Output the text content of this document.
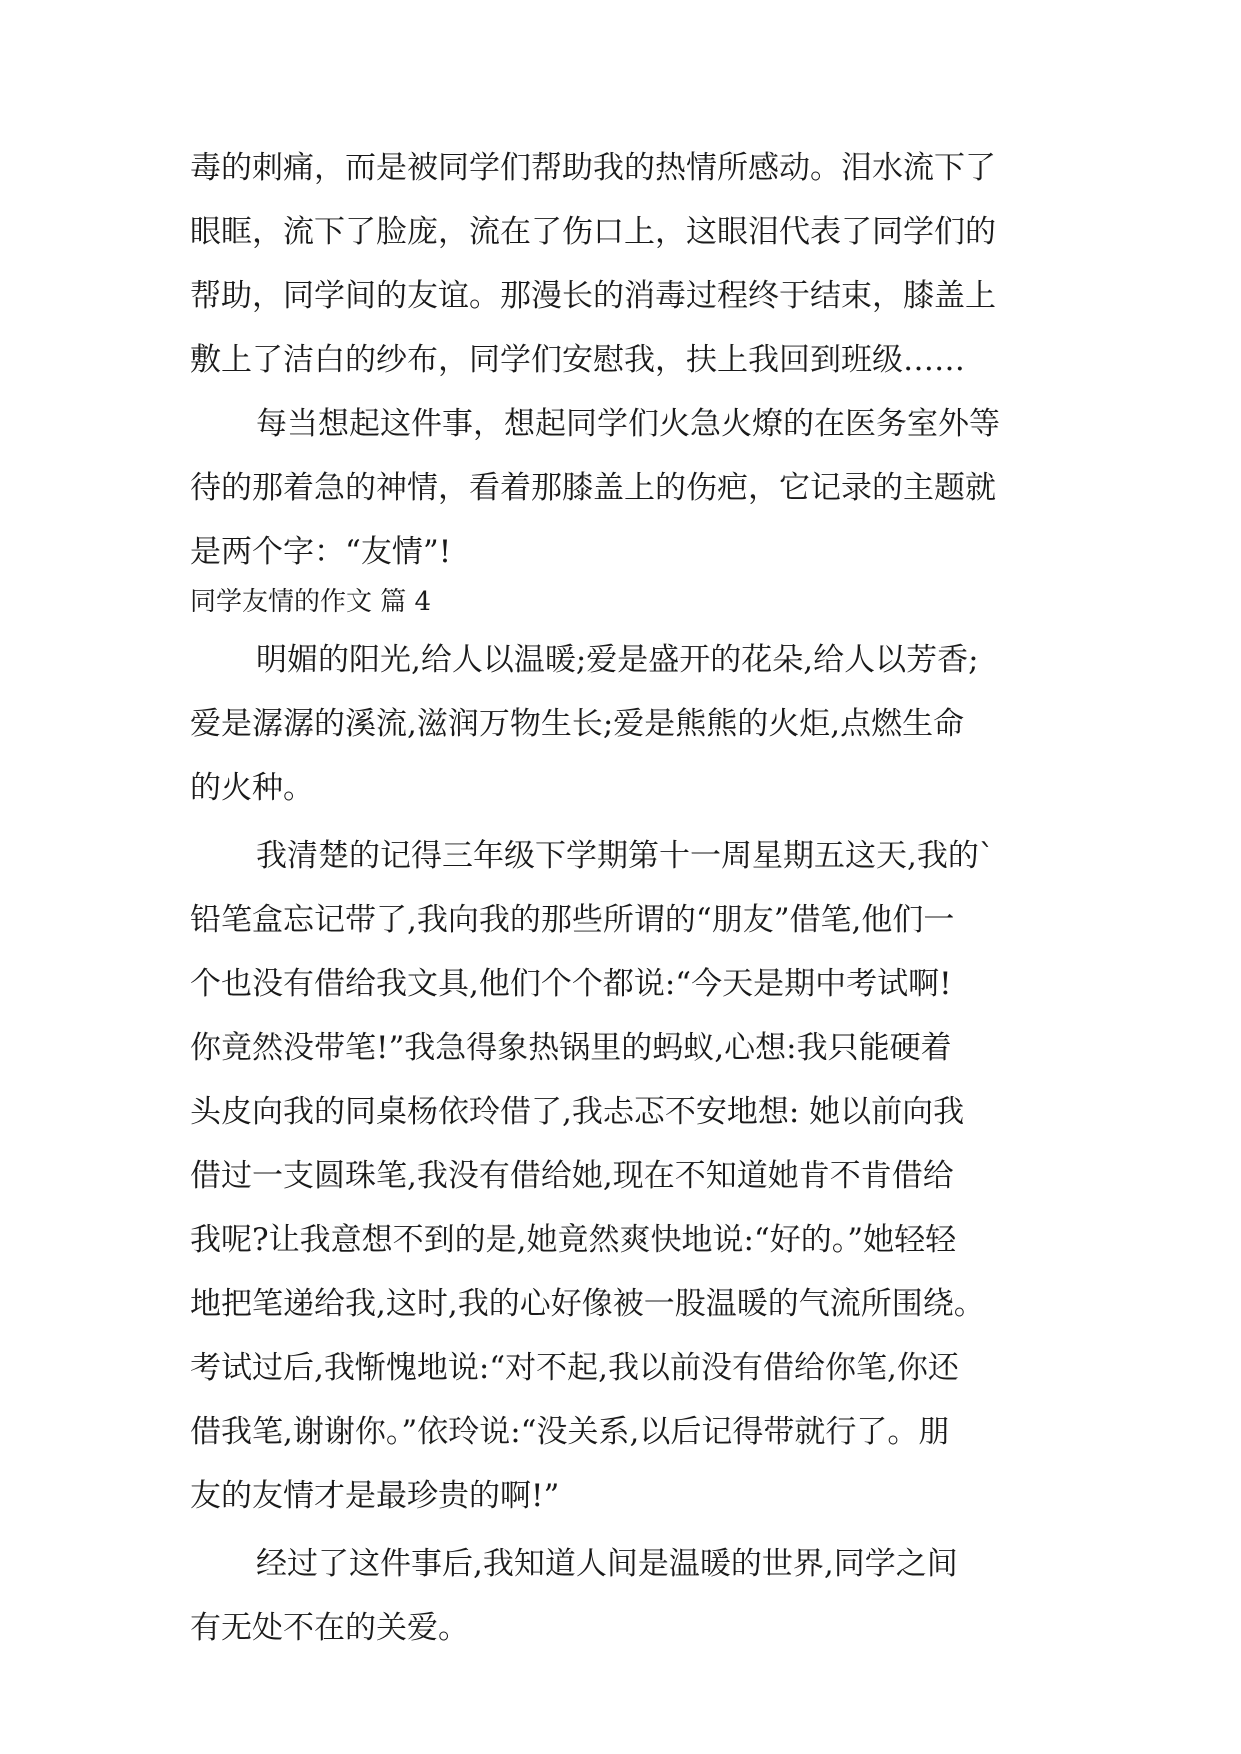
毒的刺痛，而是被同学们帮助我的热情所感动。泪水流下了
眼眶，流下了脸庞，流在了伤口上，这眼泪代表了同学们的
帮助，同学间的友谊。那漫长的消毒过程终于结束，膝盖上
敷上了洁白的纱布，同学们安慰我，扶上我回到班级……
每当想起这件事，想起同学们火急火燎的在医务室外等
待的那着急的神情，看着那膝盖上的伤疤，它记录的主题就
是两个字：“友情”!
同学友情的作文 篇 4
明媚的阳光,给人以温暖;爱是盛开的花朵,给人以芳香;
爱是潺潺的溪流,滋润万物生长;爱是熊熊的火炬,点燃生命
的火种。
我清楚的记得三年级下学期第十一周星期五这天,我的`
铅笔盒忘记带了,我向我的那些所谓的“朋友”借笔,他们一
个也没有借给我文具,他们个个都说:“今天是期中考试啊!
你竟然没带笔!”我急得象热锅里的蚂蚁,心想:我只能硬着
头皮向我的同桌杨依玲借了,我忐忑不安地想: 她以前向我
借过一支圆珠笔,我没有借给她,现在不知道她肯不肯借给
我呢?让我意想不到的是,她竟然爽快地说:“好的。”她轻轻
地把笔递给我,这时,我的心好像被一股温暖的气流所围绕。
考试过后,我惭愧地说:“对不起,我以前没有借给你笔,你还
借我笔,谢谢你。”依玲说:“没关系,以后记得带就行了。朋
友的友情才是最珍贵的啊!”
经过了这件事后,我知道人间是温暖的世界,同学之间
有无处不在的关爱。
